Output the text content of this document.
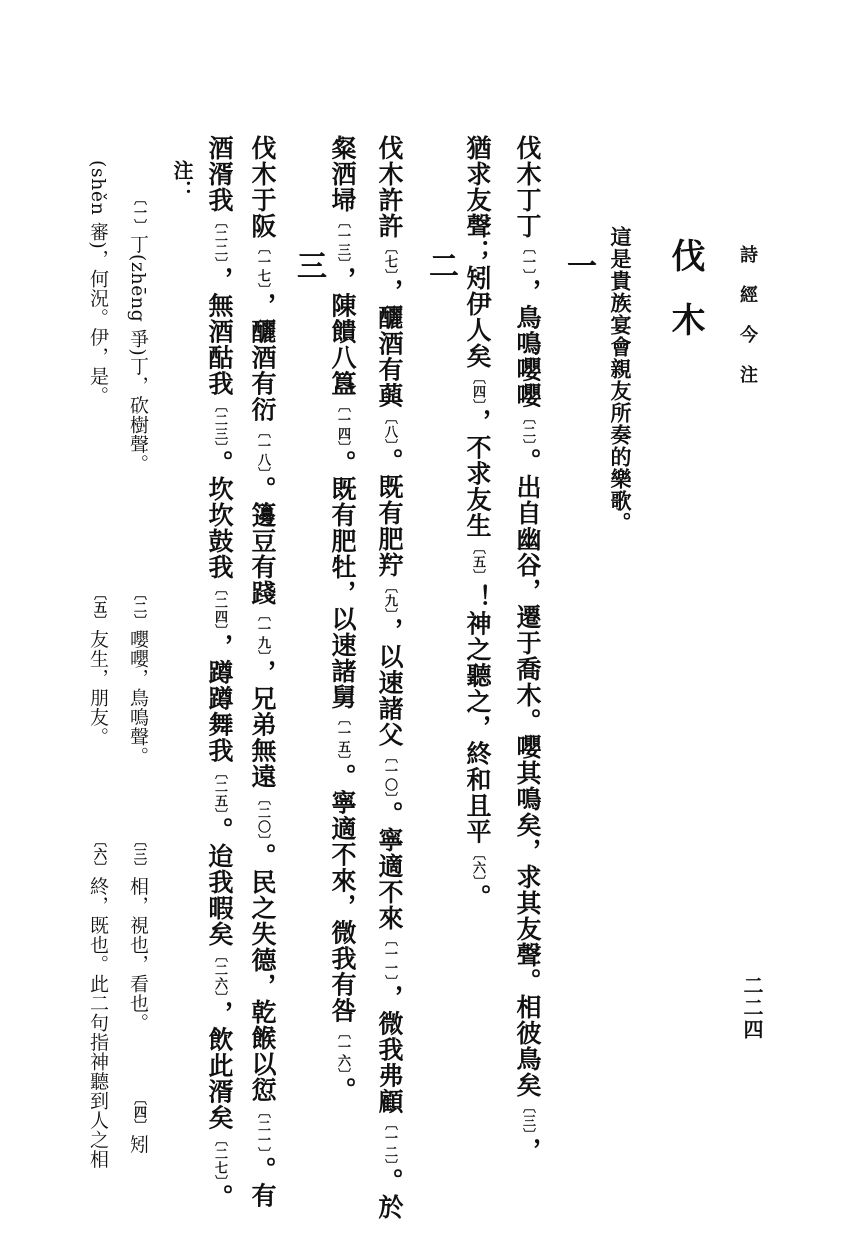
詩經今注
二二四
伐木
這是貴族宴會親友所奏的樂歌。
一
伐木丁丁〔一〕，鳥鳴嚶嚶〔二〕。出自幽谷，遷于喬木。嚶其鳴矣，求其友聲。相彼鳥矣〔三〕，
猶求友聲；矧伊人矣〔四〕，不求友生〔五〕！神之聽之，終和且平〔六〕。
二
伐木許許〔七〕，釃酒有藇〔八〕。既有肥羜〔九〕，以速諸父〔一〇〕。寧適不來〔一一〕，微我弗顧〔一二〕。於
粲洒埽〔一三〕，陳饋八簋〔一四〕。既有肥牡，以速諸舅〔一五〕。寧適不來，微我有咎〔一六〕。
三
伐木于阪〔一七〕，釃酒有衍〔一八〕。籩豆有踐〔一九〕，兄弟無遠〔二〇〕。民之失德，乾餱以愆〔二一〕。有
酒湑我〔二二〕，無酒酤我〔二三〕。坎坎鼓我〔二四〕，蹲蹲舞我〔二五〕。迨我暇矣〔二六〕，飲此湑矣〔二七〕。
注：
〔一〕丁(zhēng 爭)丁，砍樹聲。
〔二〕嚶嚶，鳥鳴聲。
〔三〕相，視也，看也。
〔四〕矧
(shěn 審)，何況。伊，是。
〔五〕友生，朋友。
〔六〕終，既也。此二句指神聽到人之相
